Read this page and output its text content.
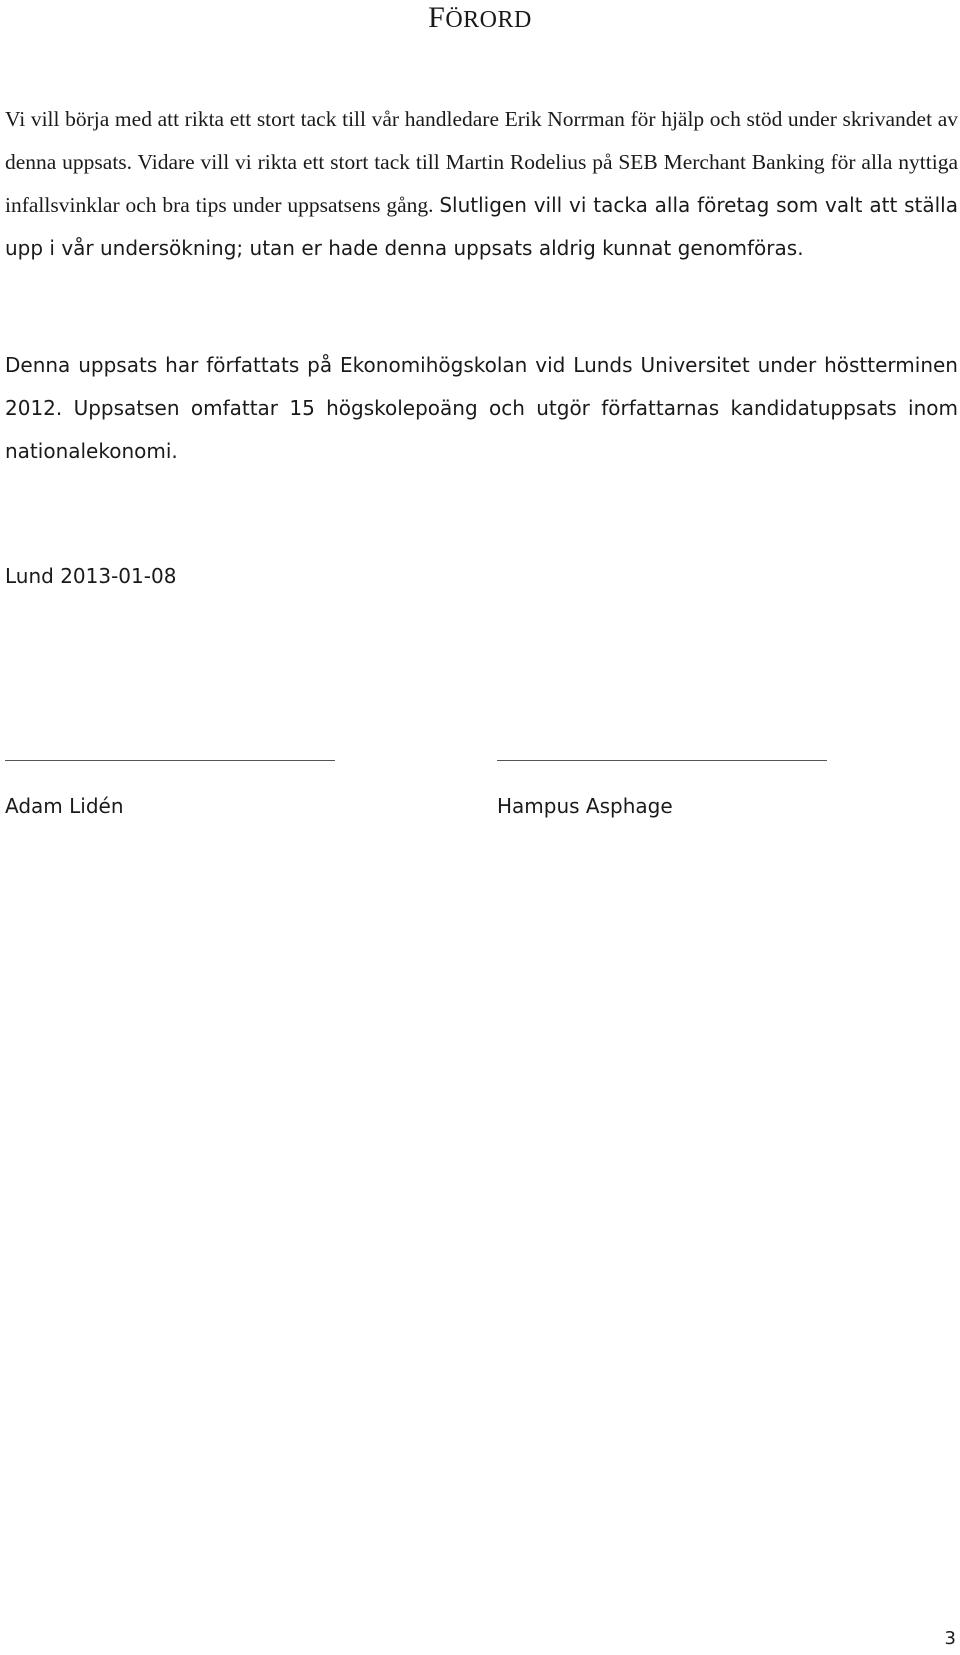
FÖRORD

Vi vill börja med att rikta ett stort tack till vår handledare Erik Norrman för hjälp och stöd under skrivandet av denna uppsats. Vidare vill vi rikta ett stort tack till Martin Rodelius på SEB Merchant Banking för alla nyttiga infallsvinklar och bra tips under uppsatsens gång. Slutligen vill vi tacka alla företag som valt att ställa upp i vår undersökning; utan er hade denna uppsats aldrig kunnat genomföras.

Denna uppsats har författats på Ekonomihögskolan vid Lunds Universitet under höstterminen 2012. Uppsatsen omfattar 15 högskolepoäng och utgör författarnas kandidatuppsats inom nationalekonomi.

Lund 2013-01-08
Adam Lidén	Hampus Asphage
3
